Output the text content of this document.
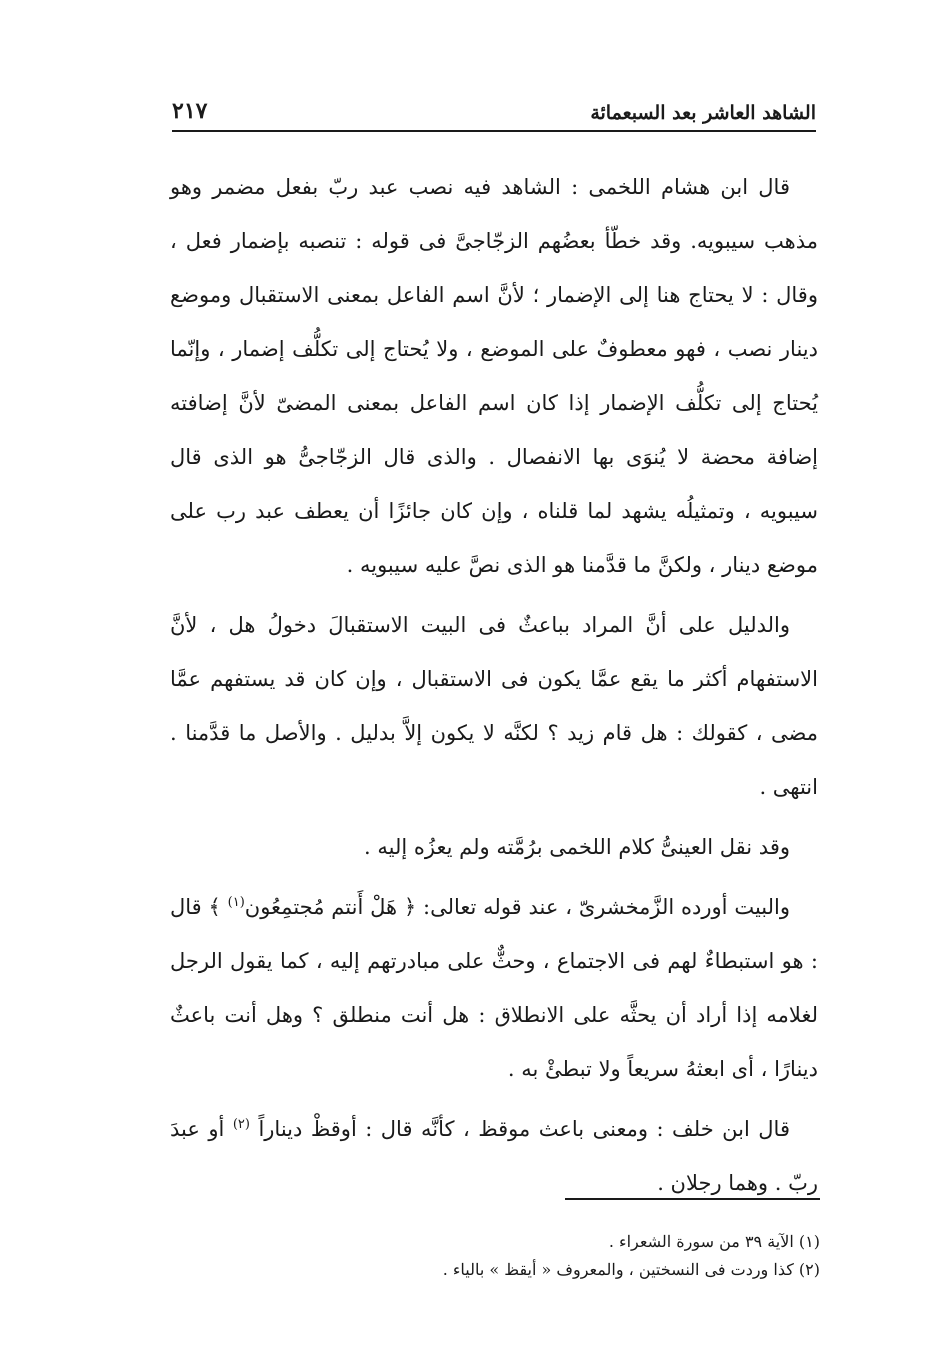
الشاهد العاشر بعد السبعمائة
٢١٧

قال ابن هشام اللخمى : الشاهد فيه نصب عبد ربّ بفعل مضمر وهو مذهب سيبويه. وقد خطّأ بعضُهم الزجّاجىَّ فى قوله : تنصبه بإضمار فعل ، وقال : لا يحتاج هنا إلى الإضمار ؛ لأنَّ اسم الفاعل بمعنى الاستقبال وموضع دينار نصب ، فهو معطوفٌ على الموضع ، ولا يُحتاج إلى تكلُّف إضمار ، وإنّما يُحتاج إلى تكلُّف الإضمار إذا كان اسم الفاعل بمعنى المضىّ لأنَّ إضافته إضافة محضة لا يُنوَى بها الانفصال . والذى قال الزجّاجىُّ هو الذى قال سيبويه ، وتمثيلُه يشهد لما قلناه ، وإن كان جائزًا أن يعطف عبد رب على موضع دينار ، ولكنَّ ما قدَّمنا هو الذى نصَّ عليه سيبويه .

والدليل على أنَّ المراد بباعثٌ فى البيت الاستقبالَ دخولُ هل ، لأنَّ الاستفهام أكثر ما يقع عمَّا يكون فى الاستقبال ، وإن كان قد يستفهم عمَّا مضى ، كقولك : هل قام زيد ؟ لكنَّه لا يكون إلاَّ بدليل . والأصل ما قدَّمنا . انتهى .

وقد نقل العينىُّ كلام اللخمى برُمَّته ولم يعزُه إليه .

والبيت أورده الزَّمخشرىّ ، عند قوله تعالى: ﴿ هَلْ أَنتم مُجتمِعُون$^{(١)}$ ﴾ قال : هو استبطاءٌ لهم فى الاجتماع ، وحثٌّ على مبادرتهم إليه ، كما يقول الرجل لغلامه إذا أراد أن يحثَّه على الانطلاق : هل أنت منطلق ؟ وهل أنت باعثٌ دينارًا ، أى ابعثهُ سريعاً ولا تبطئْ به .

قال ابن خلف : ومعنى باعث موقظ ، كأنَّه قال : أوقظْ ديناراً $^{(٢)}$ أو عبدَ ربّ . وهما رجلان .

(١) الآية ٣٩ من سورة الشعراء .

(٢) كذا وردت فى النسختين ، والمعروف « أيقظ » بالياء .
